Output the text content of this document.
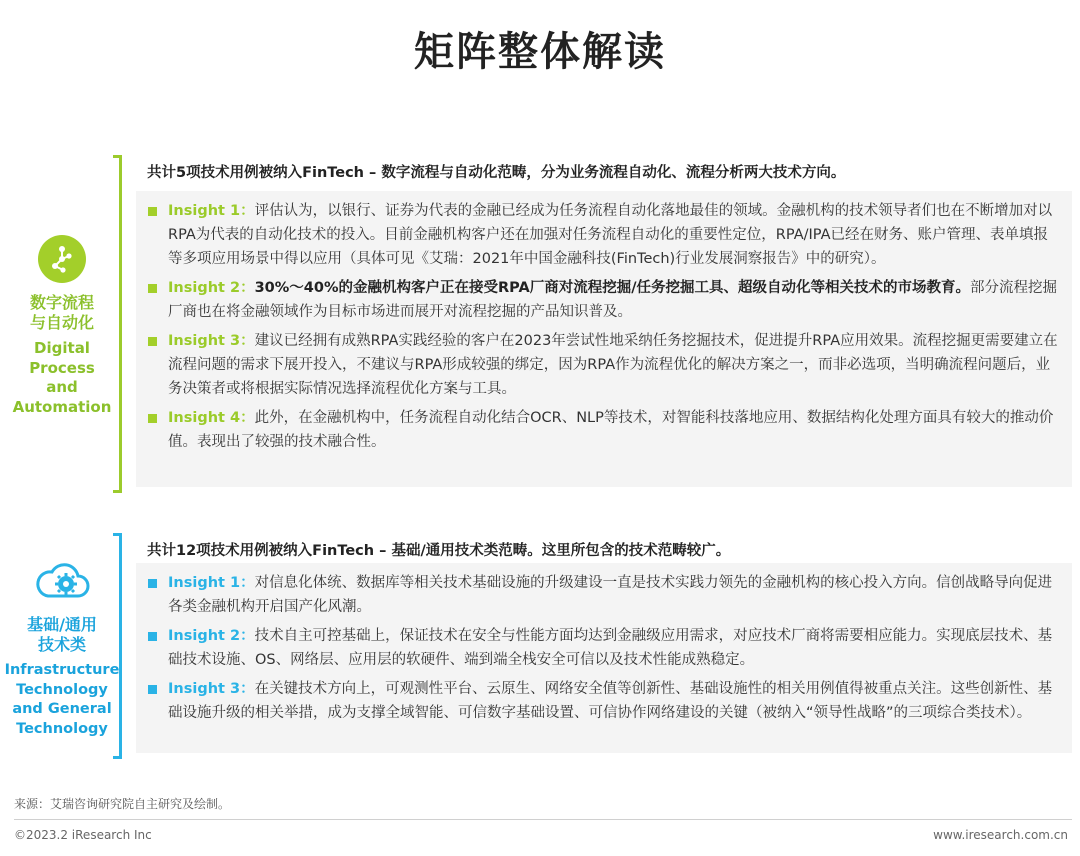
矩阵整体解读
数字流程
与自动化
Digital
Process
and
Automation
共计5项技术用例被纳入FinTech – 数字流程与自动化范畴，分为业务流程自动化、流程分析两大技术方向。
Insight 1：评估认为，以银行、证券为代表的金融已经成为任务流程自动化落地最佳的领域。金融机构的技术领导者们也在不断增加对以RPA为代表的自动化技术的投入。目前金融机构客户还在加强对任务流程自动化的重要性定位，RPA/IPA已经在财务、账户管理、表单填报等多项应用场景中得以应用（具体可见《艾瑞：2021年中国金融科技(FinTech)行业发展洞察报告》中的研究）。
Insight 2：30%～40%的金融机构客户正在接受RPA厂商对流程挖掘/任务挖掘工具、超级自动化等相关技术的市场教育。部分流程挖掘厂商也在将金融领域作为目标市场进而展开对流程挖掘的产品知识普及。
Insight 3：建议已经拥有成熟RPA实践经验的客户在2023年尝试性地采纳任务挖掘技术，促进提升RPA应用效果。流程挖掘更需要建立在流程问题的需求下展开投入，不建议与RPA形成较强的绑定，因为RPA作为流程优化的解决方案之一，而非必选项，当明确流程问题后，业务决策者或将根据实际情况选择流程优化方案与工具。
Insight 4：此外，在金融机构中，任务流程自动化结合OCR、NLP等技术，对智能科技落地应用、数据结构化处理方面具有较大的推动价值。表现出了较强的技术融合性。
基础/通用
技术类
Infrastructure
Technology
and General
Technology
共计12项技术用例被纳入FinTech – 基础/通用技术类范畴。这里所包含的技术范畴较广。
Insight 1：对信息化体统、数据库等相关技术基础设施的升级建设一直是技术实践力领先的金融机构的核心投入方向。信创战略导向促进各类金融机构开启国产化风潮。
Insight 2：技术自主可控基础上，保证技术在安全与性能方面均达到金融级应用需求，对应技术厂商将需要相应能力。实现底层技术、基础技术设施、OS、网络层、应用层的软硬件、端到端全栈安全可信以及技术性能成熟稳定。
Insight 3：在关键技术方向上，可观测性平台、云原生、网络安全值等创新性、基础设施性的相关用例值得被重点关注。这些创新性、基础设施升级的相关举措，成为支撑全域智能、可信数字基础设置、可信协作网络建设的关键（被纳入“领导性战略”的三项综合类技术）。
来源：艾瑞咨询研究院自主研究及绘制。
©2023.2 iResearch Inc	www.iresearch.com.cn
